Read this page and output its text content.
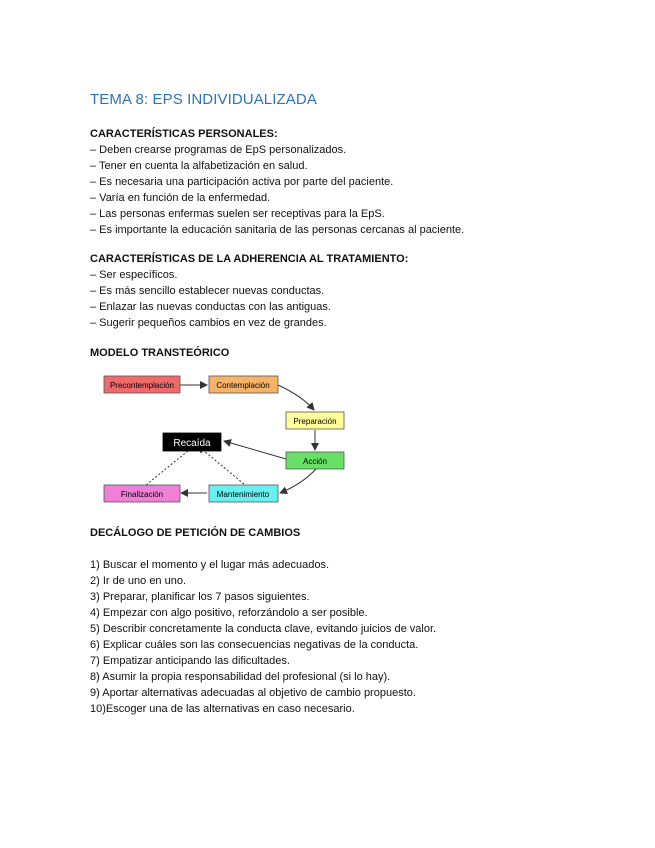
TEMA 8: EPS INDIVIDUALIZADA
CARACTERÍSTICAS PERSONALES:
– Deben crearse programas de EpS personalizados.
– Tener en cuenta la alfabetización en salud.
– Es necesaria una participación activa por parte del paciente.
– Varía en función de la enfermedad.
– Las personas enfermas suelen ser receptivas para la EpS.
– Es importante la educación sanitaria de las personas cercanas al paciente.
CARACTERÍSTICAS DE LA ADHERENCIA AL TRATAMIENTO:
– Ser específicos.
– Es más sencillo establecer nuevas conductas.
– Enlazar las nuevas conductas con las antiguas.
– Sugerir pequeños cambios en vez de grandes.
MODELO TRANSTEÓRICO
Precontemplación	Contemplación
Preparación
Recaída
Acción
Finalización	Mantenimiento
DECÁLOGO DE PETICIÓN DE CAMBIOS
1) Buscar el momento y el lugar más adecuados.
2) Ir de uno en uno.
3) Preparar, planificar los 7 pasos siguientes.
4) Empezar con algo positivo, reforzándolo a ser posible.
5) Describir concretamente la conducta clave, evitando juicios de valor.
6) Explicar cuáles son las consecuencias negativas de la conducta.
7) Empatizar anticipando las dificultades.
8) Asumir la propia responsabilidad del profesional (si lo hay).
9) Aportar alternativas adecuadas al objetivo de cambio propuesto.
10)Escoger una de las alternativas en caso necesario.
